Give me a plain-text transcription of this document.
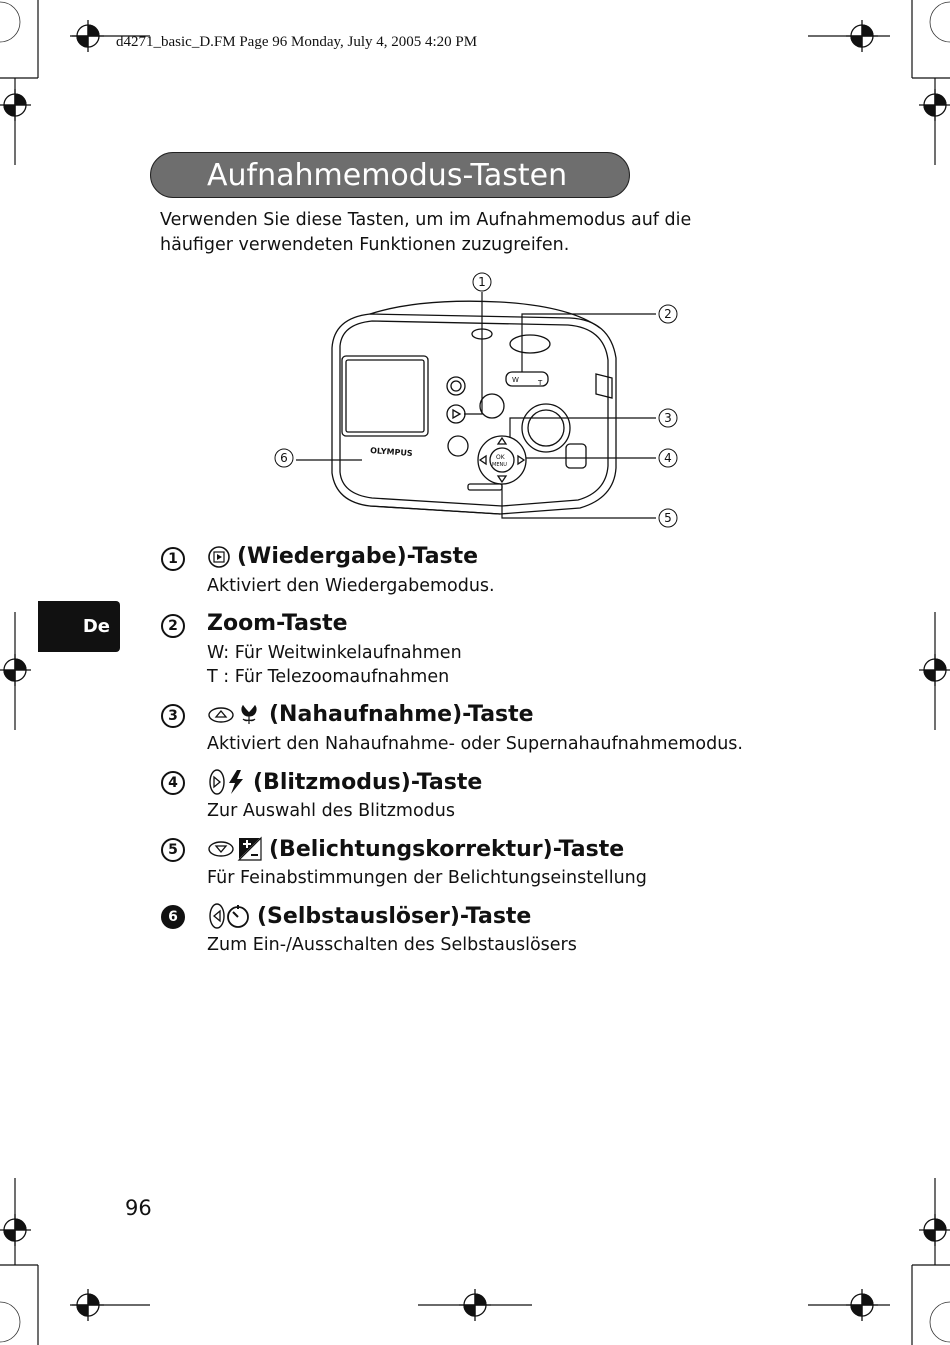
d4271_basic_D.FM Page 96 Monday, July 4, 2005 4:20 PM
Aufnahmemodus-Tasten
Verwenden Sie diese Tasten, um im Aufnahmemodus auf die häufiger verwendeten Funktionen zuzugreifen.
De
OLYMPUS
W	T
OK
MENU
1
2
3
4
5
6
1	(Wiedergabe)-Taste
Aktiviert den Wiedergabemodus.
2	Zoom-Taste
W: Für Weitwinkelaufnahmen
T : Für Telezoomaufnahmen
3	(Nahaufnahme)-Taste
Aktiviert den Nahaufnahme- oder Supernahaufnahmemodus.
4	(Blitzmodus)-Taste
Zur Auswahl des Blitzmodus
5	(Belichtungskorrektur)-Taste
Für Feinabstimmungen der Belichtungseinstellung
6	(Selbstauslöser)-Taste
Zum Ein-/Ausschalten des Selbstauslösers
96
